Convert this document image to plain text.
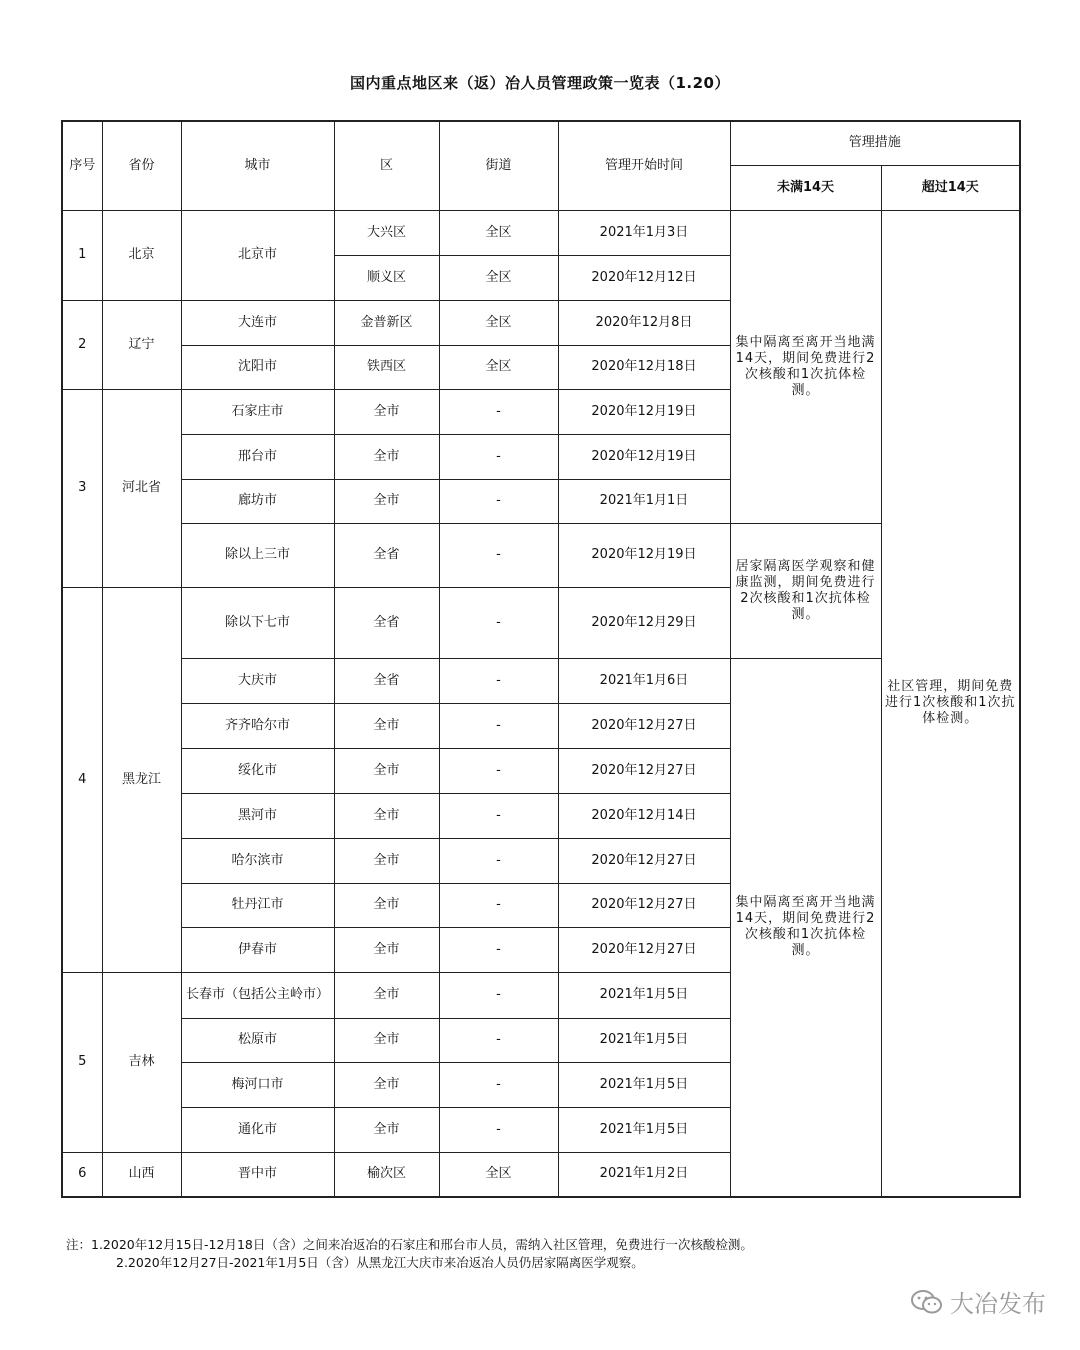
国内重点地区来（返）冶人员管理政策一览表（1.20）
序号	省份	城市	区	街道	管理开始时间	管理措施	
						未满14天	超过14天
1	北京	北京市	大兴区	全区	2021年1月3日	集中隔离至离开当地满14天，期间免费进行2次核酸和1次抗体检测。	社区管理，期间免费进行1次核酸和1次抗体检测。
			顺义区	全区	2020年12月12日		
2	辽宁	大连市	金普新区	全区	2020年12月8日		
		沈阳市	铁西区	全区	2020年12月18日		
3	河北省	石家庄市	全市	-	2020年12月19日		
		邢台市	全市	-	2020年12月19日		
		廊坊市	全市	-	2021年1月1日		
		除以上三市	全省	-	2020年12月19日	居家隔离医学观察和健康监测，期间免费进行2次核酸和1次抗体检测。	
4	黑龙江	除以下七市	全省	-	2020年12月29日		
		大庆市	全省	-	2021年1月6日	集中隔离至离开当地满14天，期间免费进行2次核酸和1次抗体检测。	
		齐齐哈尔市	全市	-	2020年12月27日		
		绥化市	全市	-	2020年12月27日		
		黑河市	全市	-	2020年12月14日		
		哈尔滨市	全市	-	2020年12月27日		
		牡丹江市	全市	-	2020年12月27日		
		伊春市	全市	-	2020年12月27日		
5	吉林	长春市（包括公主岭市）	全市	-	2021年1月5日		
		松原市	全市	-	2021年1月5日		
		梅河口市	全市	-	2021年1月5日		
		通化市	全市	-	2021年1月5日		
6	山西	晋中市	榆次区	全区	2021年1月2日		
注：1.2020年12月15日-12月18日（含）之间来冶返冶的石家庄和邢台市人员，需纳入社区管理，免费进行一次核酸检测。
2.2020年12月27日-2021年1月5日（含）从黑龙江大庆市来冶返冶人员仍居家隔离医学观察。
大冶发布
